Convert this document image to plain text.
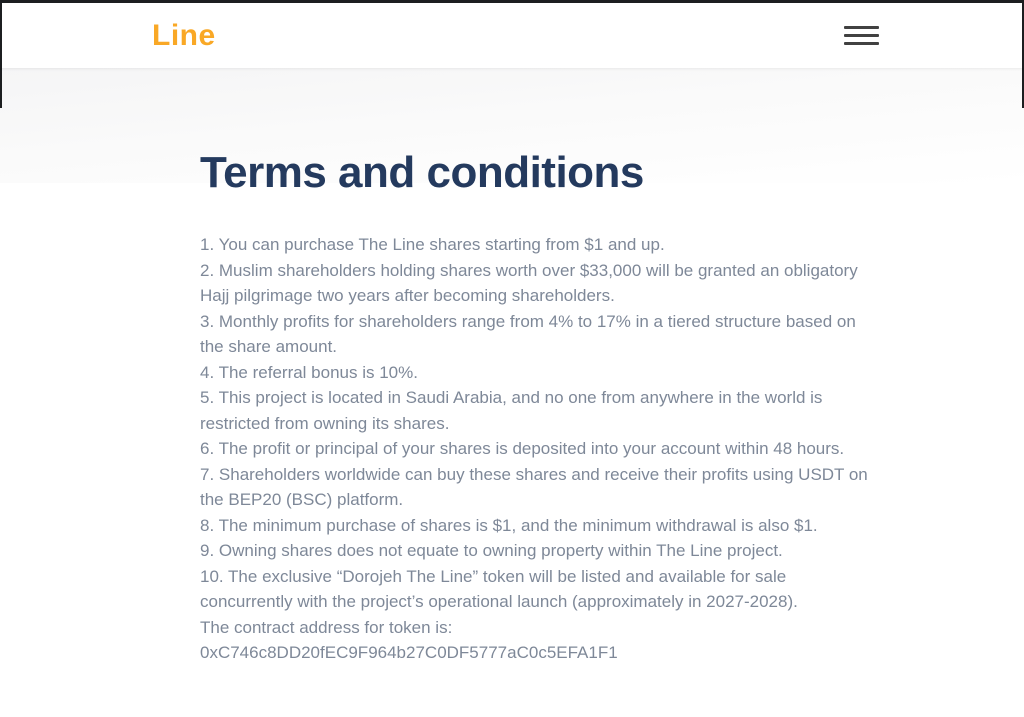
Line
Terms and conditions

1. You can purchase The Line shares starting from $1 and up.

2. Muslim shareholders holding shares worth over $33,000 will be granted an obligatory Hajj pilgrimage two years after becoming shareholders.

3. Monthly profits for shareholders range from 4% to 17% in a tiered structure based on the share amount.

4. The referral bonus is 10%.

5. This project is located in Saudi Arabia, and no one from anywhere in the world is restricted from owning its shares.

6. The profit or principal of your shares is deposited into your account within 48 hours.

7. Shareholders worldwide can buy these shares and receive their profits using USDT on the BEP20 (BSC) platform.

8. The minimum purchase of shares is $1, and the minimum withdrawal is also $1.

9. Owning shares does not equate to owning property within The Line project.

10. The exclusive “Dorojeh The Line” token will be listed and available for sale concurrently with the project’s operational launch (approximately in 2027-2028).

The contract address for token is:

0xC746c8DD20fEC9F964b27C0DF5777aC0c5EFA1F1
